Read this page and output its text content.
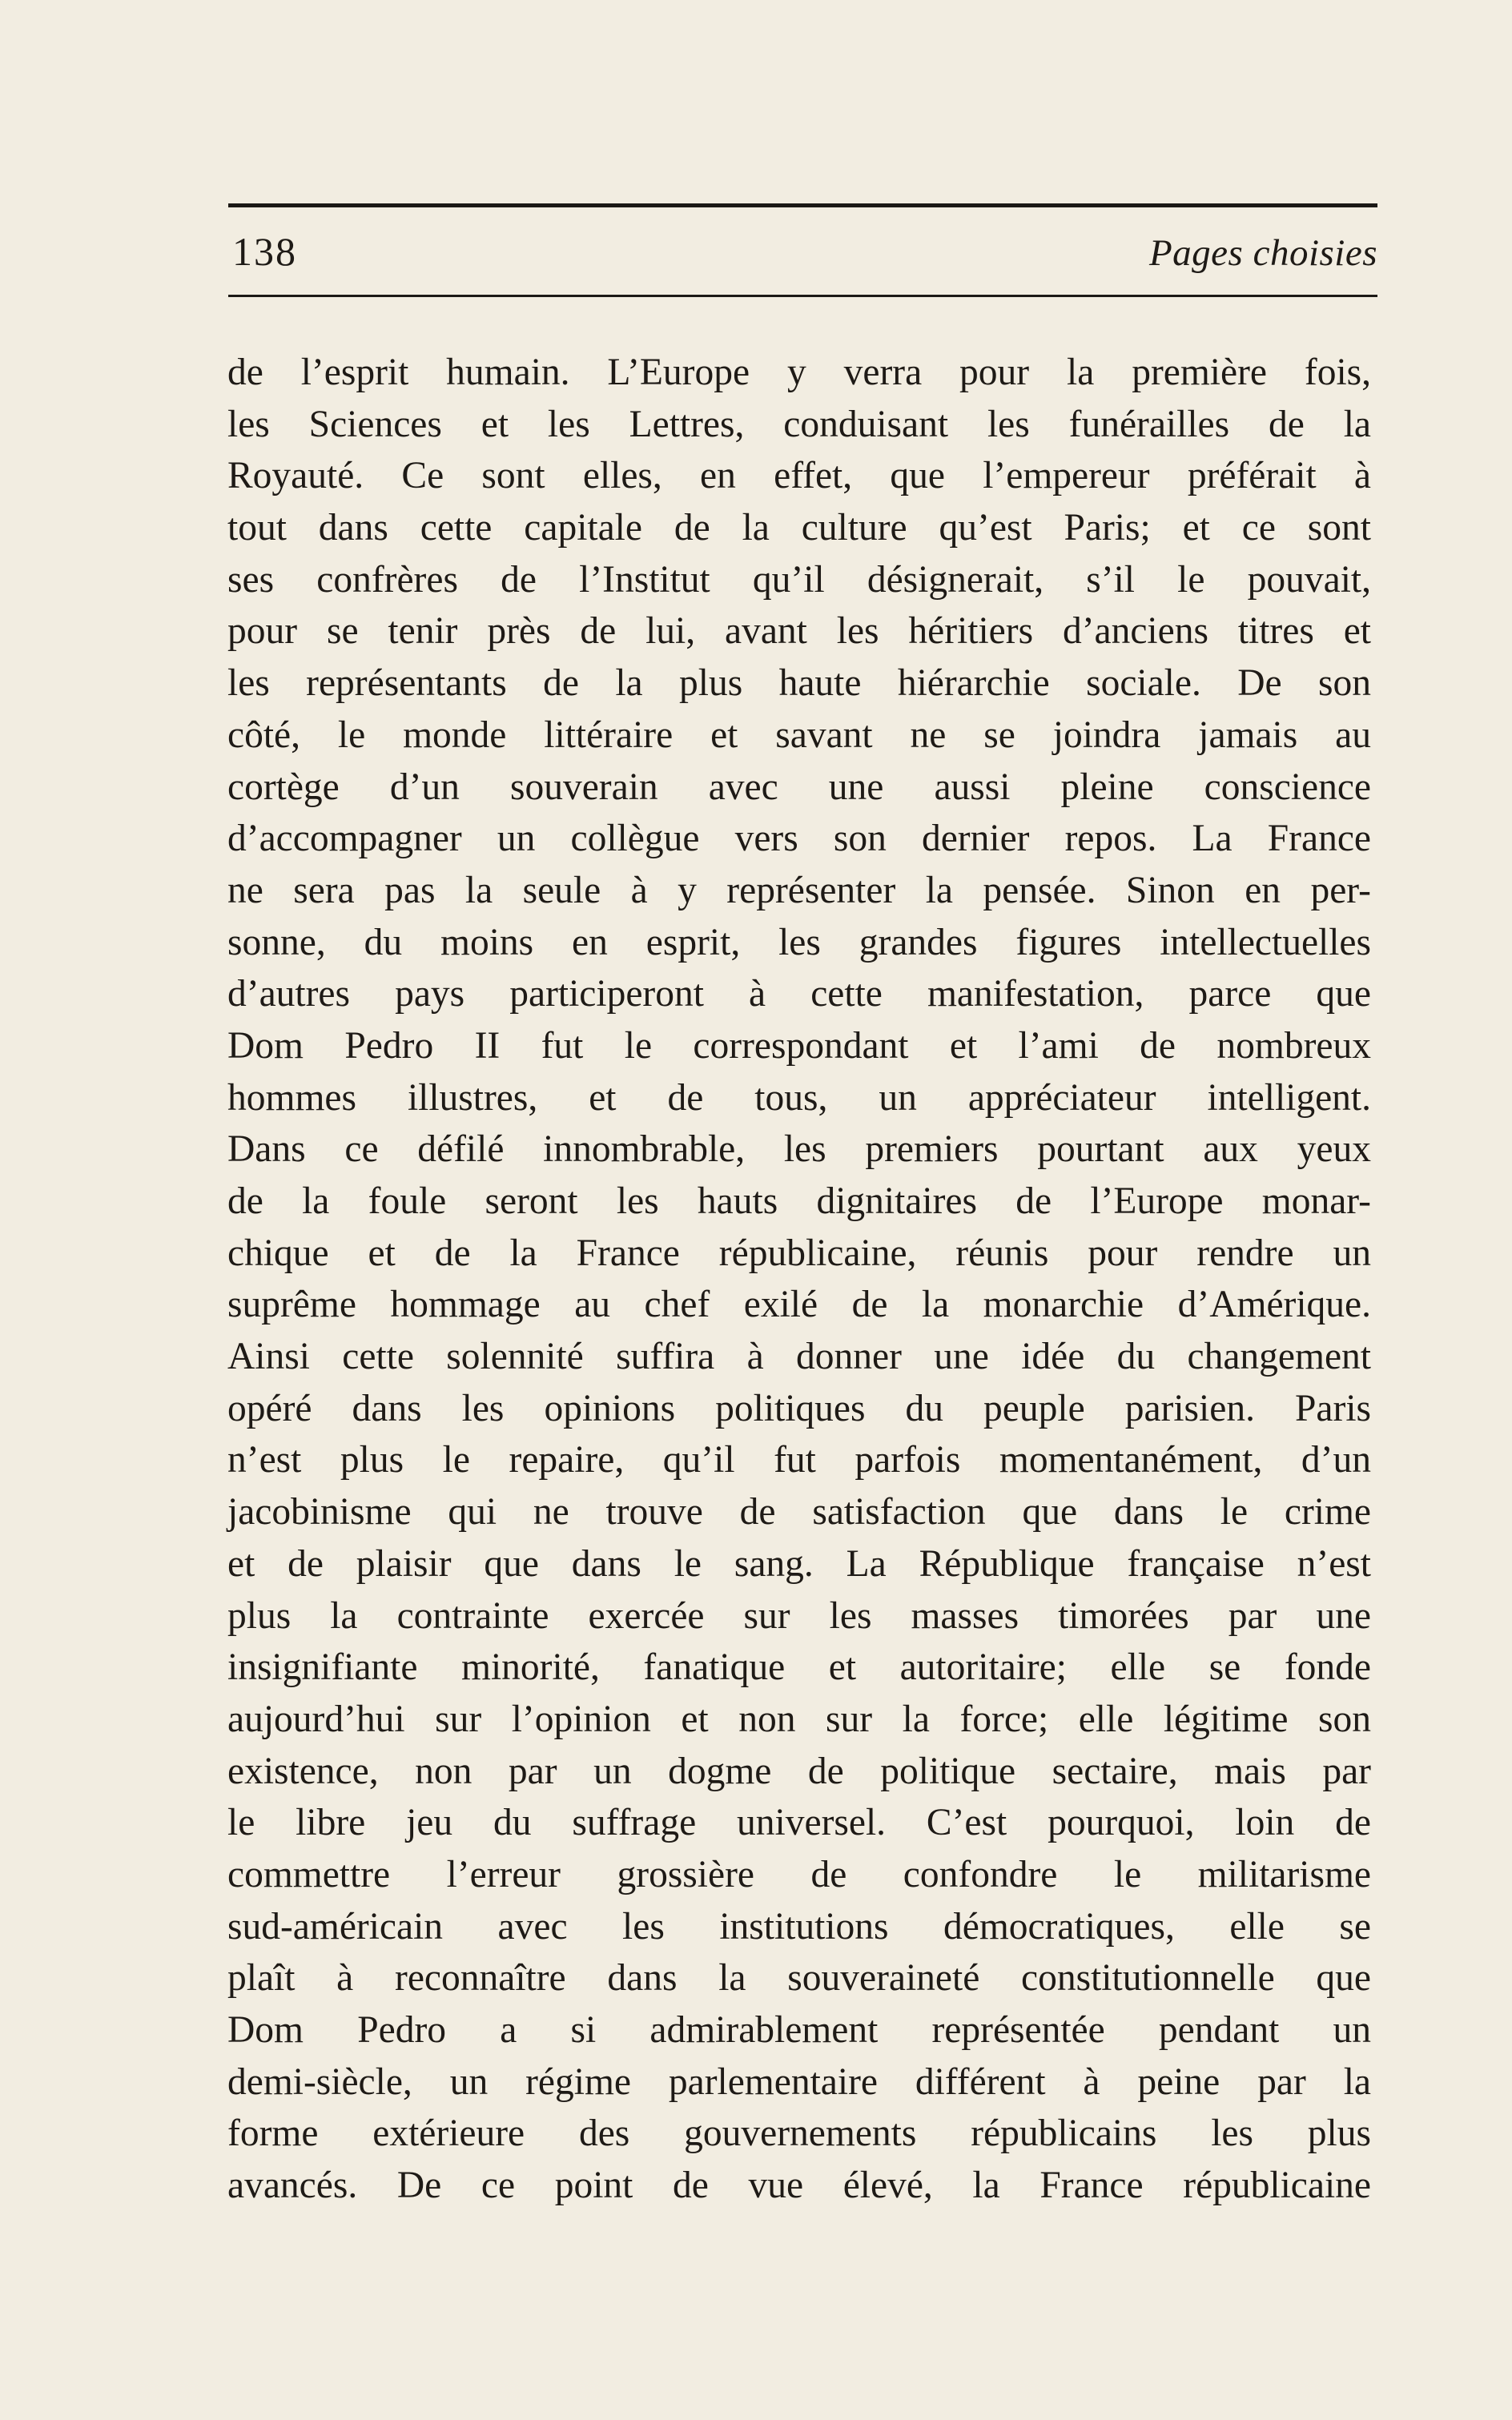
138	Pages choisies
de l’esprit humain. L’Europe y verra pour la première fois,
les Sciences et les Lettres, conduisant les funérailles de la
Royauté. Ce sont elles, en effet, que l’empereur préférait à
tout dans cette capitale de la culture qu’est Paris; et ce sont
ses confrères de l’Institut qu’il désignerait, s’il le pouvait,
pour se tenir près de lui, avant les héritiers d’anciens titres et
les représentants de la plus haute hiérarchie sociale. De son
côté, le monde littéraire et savant ne se joindra jamais au
cortège d’un souverain avec une aussi pleine conscience
d’accompagner un collègue vers son dernier repos. La France
ne sera pas la seule à y représenter la pensée. Sinon en per-
sonne, du moins en esprit, les grandes figures intellectuelles
d’autres pays participeront à cette manifestation, parce que
Dom Pedro II fut le correspondant et l’ami de nombreux
hommes illustres, et de tous, un appréciateur intelligent.
Dans ce défilé innombrable, les premiers pourtant aux yeux
de la foule seront les hauts dignitaires de l’Europe monar-
chique et de la France républicaine, réunis pour rendre un
suprême hommage au chef exilé de la monarchie d’Amérique.
Ainsi cette solennité suffira à donner une idée du changement
opéré dans les opinions politiques du peuple parisien. Paris
n’est plus le repaire, qu’il fut parfois momentanément, d’un
jacobinisme qui ne trouve de satisfaction que dans le crime
et de plaisir que dans le sang. La République française n’est
plus la contrainte exercée sur les masses timorées par une
insignifiante minorité, fanatique et autoritaire; elle se fonde
aujourd’hui sur l’opinion et non sur la force; elle légitime son
existence, non par un dogme de politique sectaire, mais par
le libre jeu du suffrage universel. C’est pourquoi, loin de
commettre l’erreur grossière de confondre le militarisme
sud-américain avec les institutions démocratiques, elle se
plaît à reconnaître dans la souveraineté constitutionnelle que
Dom Pedro a si admirablement représentée pendant un
demi-siècle, un régime parlementaire différent à peine par la
forme extérieure des gouvernements républicains les plus
avancés. De ce point de vue élevé, la France républicaine
